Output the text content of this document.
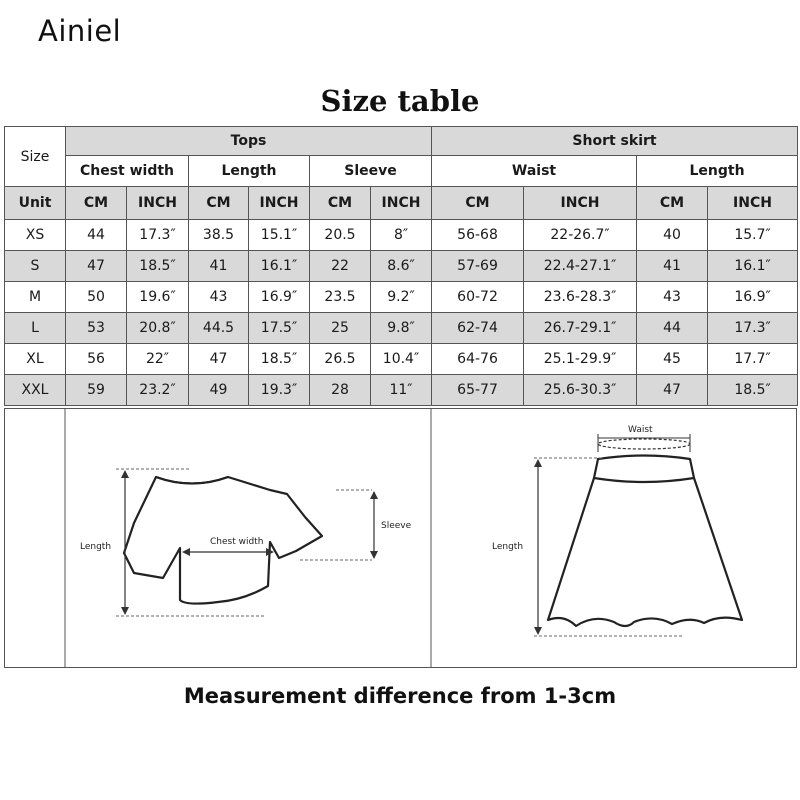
Ainiel
Size table
Size	Tops						Short skirt			
	Chest width		Length		Sleeve		Waist		Length	
Unit	CM	INCH	CM	INCH	CM	INCH	CM	INCH	CM	INCH
XS	44	17.3″	38.5	15.1″	20.5	8″	56-68	22-26.7″	40	15.7″
S	47	18.5″	41	16.1″	22	8.6″	57-69	22.4-27.1″	41	16.1″
M	50	19.6″	43	16.9″	23.5	9.2″	60-72	23.6-28.3″	43	16.9″
L	53	20.8″	44.5	17.5″	25	9.8″	62-74	26.7-29.1″	44	17.3″
XL	56	22″	47	18.5″	26.5	10.4″	64-76	25.1-29.9″	45	17.7″
XXL	59	23.2″	49	19.3″	28	11″	65-77	25.6-30.3″	47	18.5″
Length	Chest width
Sleeve
Waist
Length
Measurement difference from 1-3cm
